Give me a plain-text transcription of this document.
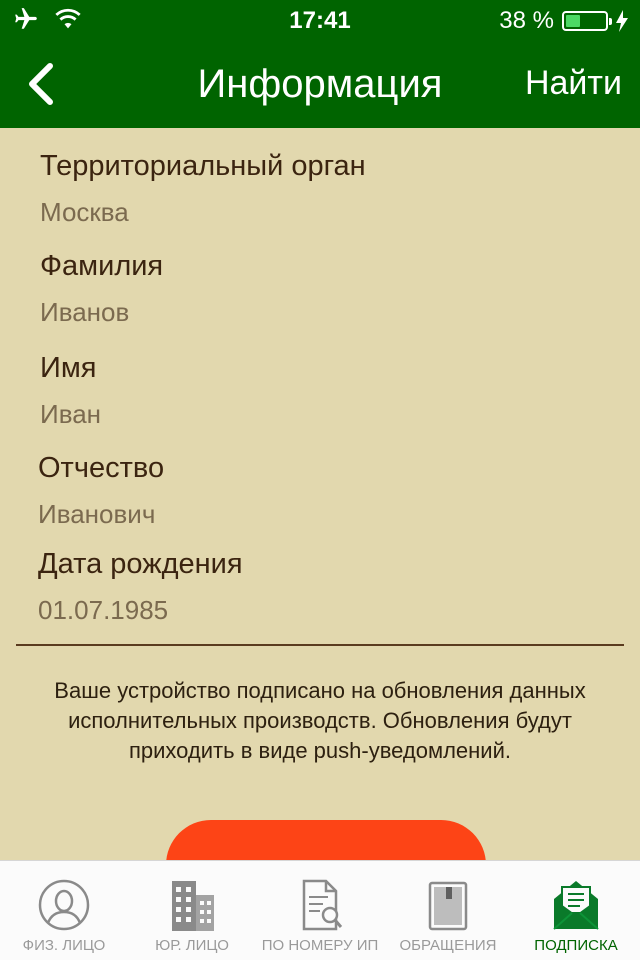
17:41	38 %
Информация	Найти
Территориальный орган
Москва
Фамилия
Иванов
Имя
Иван
Отчество
Иванович
Дата рождения
01.07.1985
Ваше устройство подписано на обновления данных исполнительных производств. Обновления будут приходить в виде push-уведомлений.
ФИЗ. ЛИЦО	ЮР. ЛИЦО	ПО НОМЕРУ ИП	ОБРАЩЕНИЯ	ПОДПИСКА
